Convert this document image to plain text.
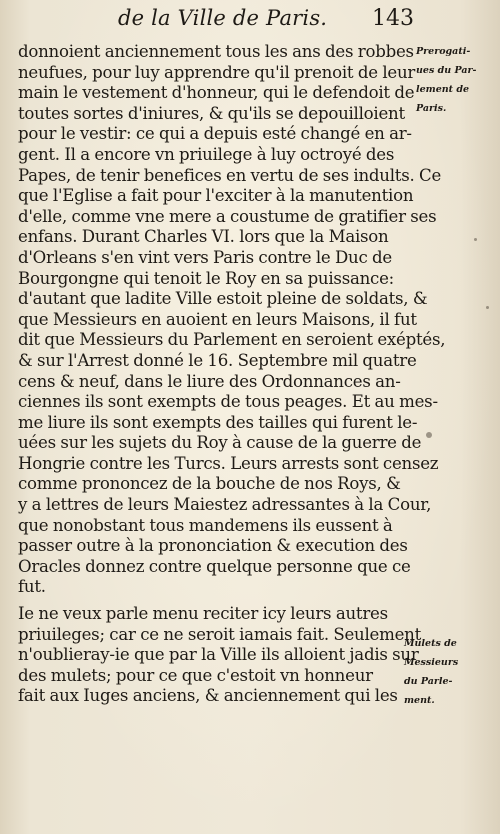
de la Ville de Paris. 143
donnoient anciennement tous les ans des robbes
neufues, pour luy apprendre qu'il prenoit de leur
main le vestement d'honneur, qui le defendoit de
toutes sortes d'iniures, & qu'ils se depouilloient
pour le vestir: ce qui a depuis esté changé en ar-
gent. Il a encore vn priuilege à luy octroyé des
Papes, de tenir benefices en vertu de ses indults. Ce
que l'Eglise a fait pour l'exciter à la manutention
d'elle, comme vne mere a coustume de gratifier ses
enfans. Durant Charles VI. lors que la Maison
d'Orleans s'en vint vers Paris contre le Duc de
Bourgongne qui tenoit le Roy en sa puissance:
d'autant que ladite Ville estoit pleine de soldats, &
que Messieurs en auoient en leurs Maisons, il fut
dit que Messieurs du Parlement en seroient exéptés,
& sur l'Arrest donné le 16. Septembre mil quatre
cens & neuf, dans le liure des Ordonnances an-
ciennes ils sont exempts de tous peages. Et au mes-
me liure ils sont exempts des tailles qui furent le-
uées sur les sujets du Roy à cause de la guerre de
Hongrie contre les Turcs. Leurs arrests sont censez
comme prononcez de la bouche de nos Roys, &
y a lettres de leurs Maiestez adressantes à la Cour,
que nonobstant tous mandemens ils eussent à
passer outre à la prononciation & execution des
Oracles donnez contre quelque personne que ce
fut.
Ie ne veux parle menu reciter icy leurs autres
priuileges; car ce ne seroit iamais fait. Seulement
n'oublieray-ie que par la Ville ils alloient jadis sur
des mulets; pour ce que c'estoit vn honneur
fait aux Iuges anciens, & anciennement qui les
Prerogati-
ues du Par-
lement de
Paris.
Mulets de
Messieurs
du Parle-
ment.
